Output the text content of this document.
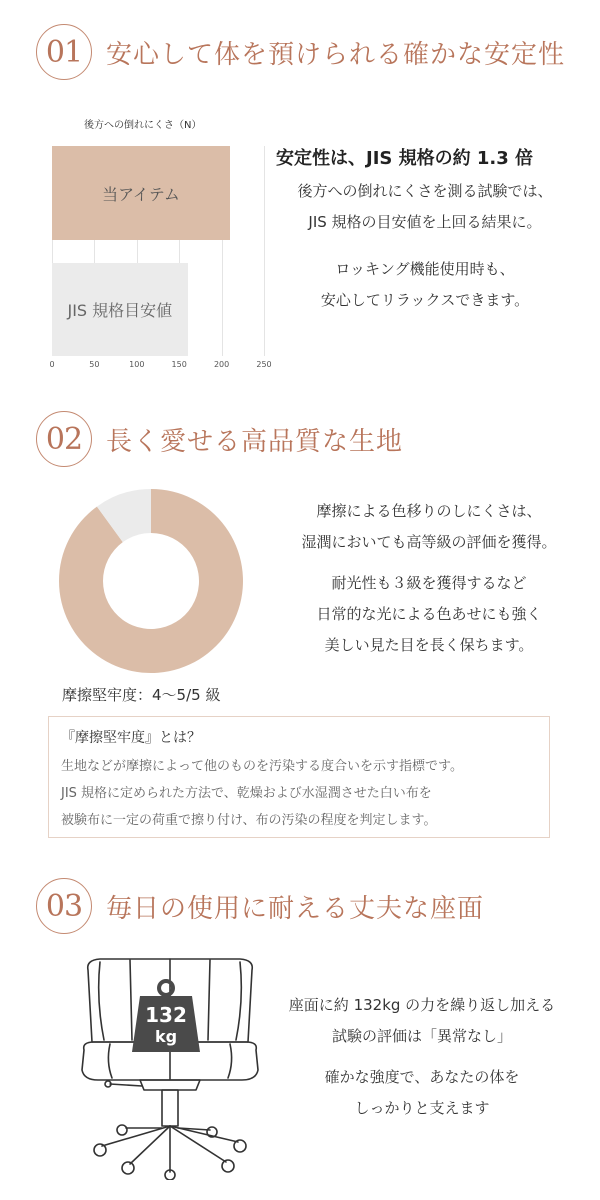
01 安心して体を預けられる確かな安定性
後方への倒れにくさ（N）
当アイテム
JIS 規格目安値
0	50	100	150	200	250
安定性は、JIS 規格の約 1.3 倍
後方への倒れにくさを測る試験では、
JIS 規格の目安値を上回る結果に。
ロッキング機能使用時も、
安心してリラックスできます。
02 長く愛せる高品質な生地
摩擦堅牢度：4〜5/5 級
摩擦による色移りのしにくさは、
湿潤においても高等級の評価を獲得。
耐光性も３級を獲得するなど
日常的な光による色あせにも強く
美しい見た目を長く保ちます。
『摩擦堅牢度』とは？
生地などが摩擦によって他のものを汚染する度合いを示す指標です。
JIS 規格に定められた方法で、乾燥および水湿潤させた白い布を
被験布に一定の荷重で擦り付け、布の汚染の程度を判定します。
03 毎日の使用に耐える丈夫な座面
132
kg
座面に約 132kg の力を繰り返し加える
試験の評価は「異常なし」
確かな強度で、あなたの体を
しっかりと支えます
